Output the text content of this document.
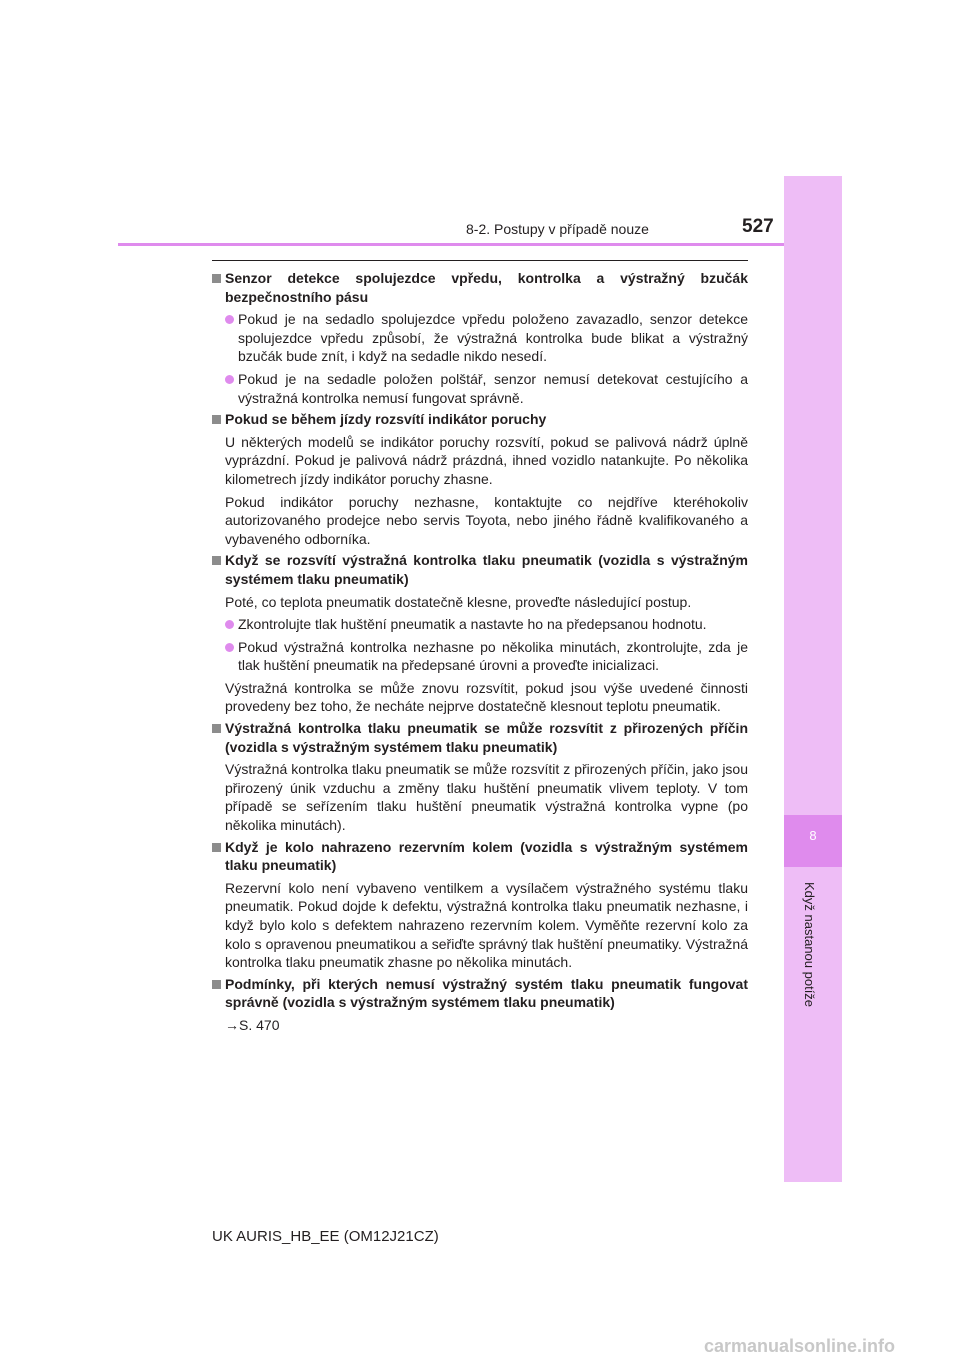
8
Když nastanou potíže
8-2. Postupy v případě nouze	527
Senzor detekce spolujezdce vpředu, kontrolka a výstražný bzučák bezpečnostního pásu
Pokud je na sedadlo spolujezdce vpředu položeno zavazadlo, senzor detekce spolujezdce vpředu způsobí, že výstražná kontrolka bude blikat a výstražný bzučák bude znít, i když na sedadle nikdo nesedí.
Pokud je na sedadle položen polštář, senzor nemusí detekovat cestujícího a výstražná kontrolka nemusí fungovat správně.
Pokud se během jízdy rozsvítí indikátor poruchy
U některých modelů se indikátor poruchy rozsvítí, pokud se palivová nádrž úplně vyprázdní. Pokud je palivová nádrž prázdná, ihned vozidlo natankujte. Po několika kilometrech jízdy indikátor poruchy zhasne.
Pokud indikátor poruchy nezhasne, kontaktujte co nejdříve kteréhokoliv autorizovaného prodejce nebo servis Toyota, nebo jiného řádně kvalifikovaného a vybaveného odborníka.
Když se rozsvítí výstražná kontrolka tlaku pneumatik (vozidla s výstražným systémem tlaku pneumatik)
Poté, co teplota pneumatik dostatečně klesne, proveďte následující postup.
Zkontrolujte tlak huštění pneumatik a nastavte ho na předepsanou hodnotu.
Pokud výstražná kontrolka nezhasne po několika minutách, zkontrolujte, zda je tlak huštění pneumatik na předepsané úrovni a proveďte inicializaci.
Výstražná kontrolka se může znovu rozsvítit, pokud jsou výše uvedené činnosti provedeny bez toho, že necháte nejprve dostatečně klesnout teplotu pneumatik.
Výstražná kontrolka tlaku pneumatik se může rozsvítit z přirozených příčin (vozidla s výstražným systémem tlaku pneumatik)
Výstražná kontrolka tlaku pneumatik se může rozsvítit z přirozených příčin, jako jsou přirozený únik vzduchu a změny tlaku huštění pneumatik vlivem teploty. V tom případě se seřízením tlaku huštění pneumatik výstražná kontrolka vypne (po několika minutách).
Když je kolo nahrazeno rezervním kolem (vozidla s výstražným systémem tlaku pneumatik)
Rezervní kolo není vybaveno ventilkem a vysílačem výstražného systému tlaku pneumatik. Pokud dojde k defektu, výstražná kontrolka tlaku pneumatik nezhasne, i když bylo kolo s defektem nahrazeno rezervním kolem. Vyměňte rezervní kolo za kolo s opravenou pneumatikou a seřiďte správný tlak huštění pneumatiky. Výstražná kontrolka tlaku pneumatik zhasne po několika minutách.
Podmínky, při kterých nemusí výstražný systém tlaku pneumatik fungovat správně (vozidla s výstražným systémem tlaku pneumatik)
→S. 470
UK AURIS_HB_EE (OM12J21CZ)
carmanualsonline.info
